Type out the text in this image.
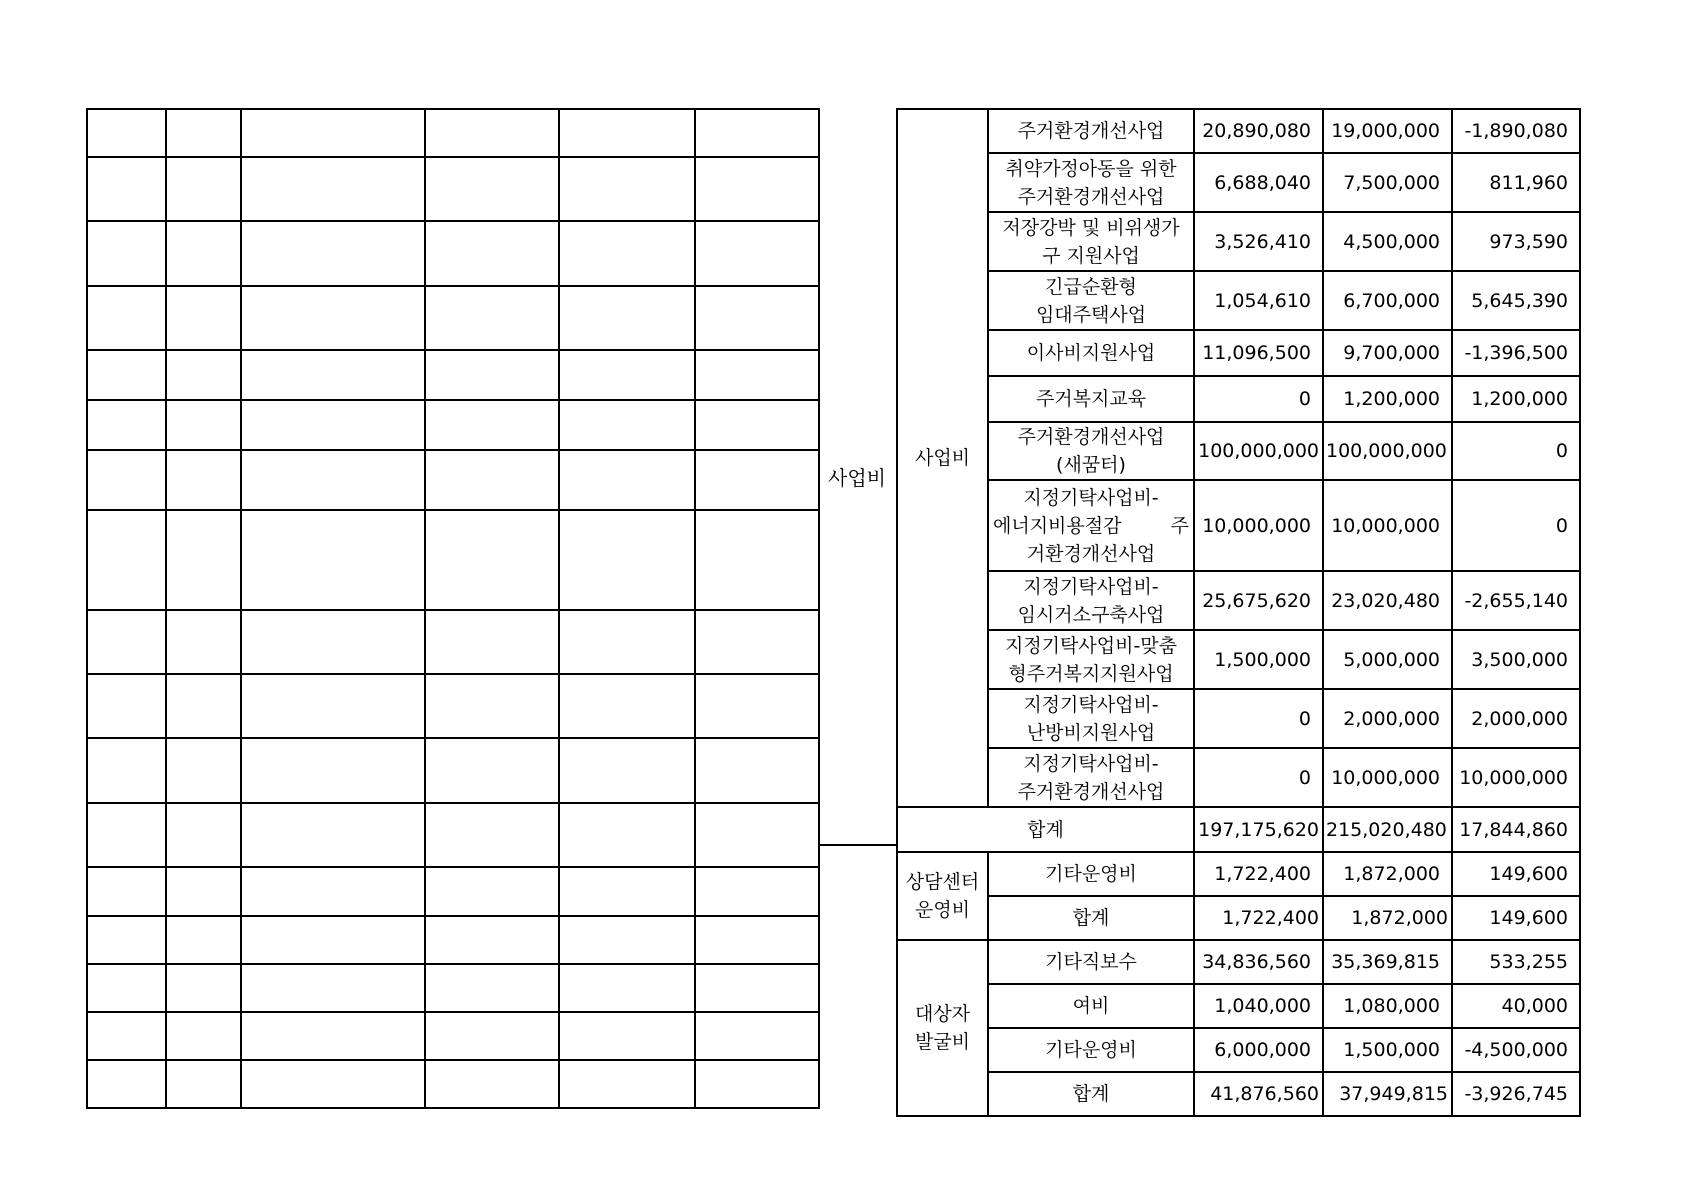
사업비
사업비	주거환경개선사업	20,890,080	19,000,000	-1,890,080

	취약가정아동을 위한
주거환경개선사업	6,688,040	7,500,000	811,960

	저장강박 및 비위생가
구 지원사업	3,526,410	4,500,000	973,590

	긴급순환형
임대주택사업	1,054,610	6,700,000	5,645,390
	이사비지원사업	11,096,500	9,700,000	-1,396,500
	주거복지교육	0	1,200,000	1,200,000

	주거환경개선사업
(새꿈터)	100,000,000	100,000,000	0

	지정기탁사업비-
에너지비용절감 주
거환경개선사업	10,000,000	10,000,000	0

	지정기탁사업비-
임시거소구축사업	25,675,620	23,020,480	-2,655,140

	지정기탁사업비-맞춤
형주거복지지원사업	1,500,000	5,000,000	3,500,000

	지정기탁사업비-
난방비지원사업	0	2,000,000	2,000,000

	지정기탁사업비-
주거환경개선사업	0	10,000,000	10,000,000
합계		197,175,620	215,020,480	17,844,860

상담센터
운영비	기타운영비	1,722,400	1,872,000	149,600
	합계	1,722,400	1,872,000	149,600

대상자
발굴비	기타직보수	34,836,560	35,369,815	533,255
	여비	1,040,000	1,080,000	40,000
	기타운영비	6,000,000	1,500,000	-4,500,000
	합계	41,876,560	37,949,815	-3,926,745
